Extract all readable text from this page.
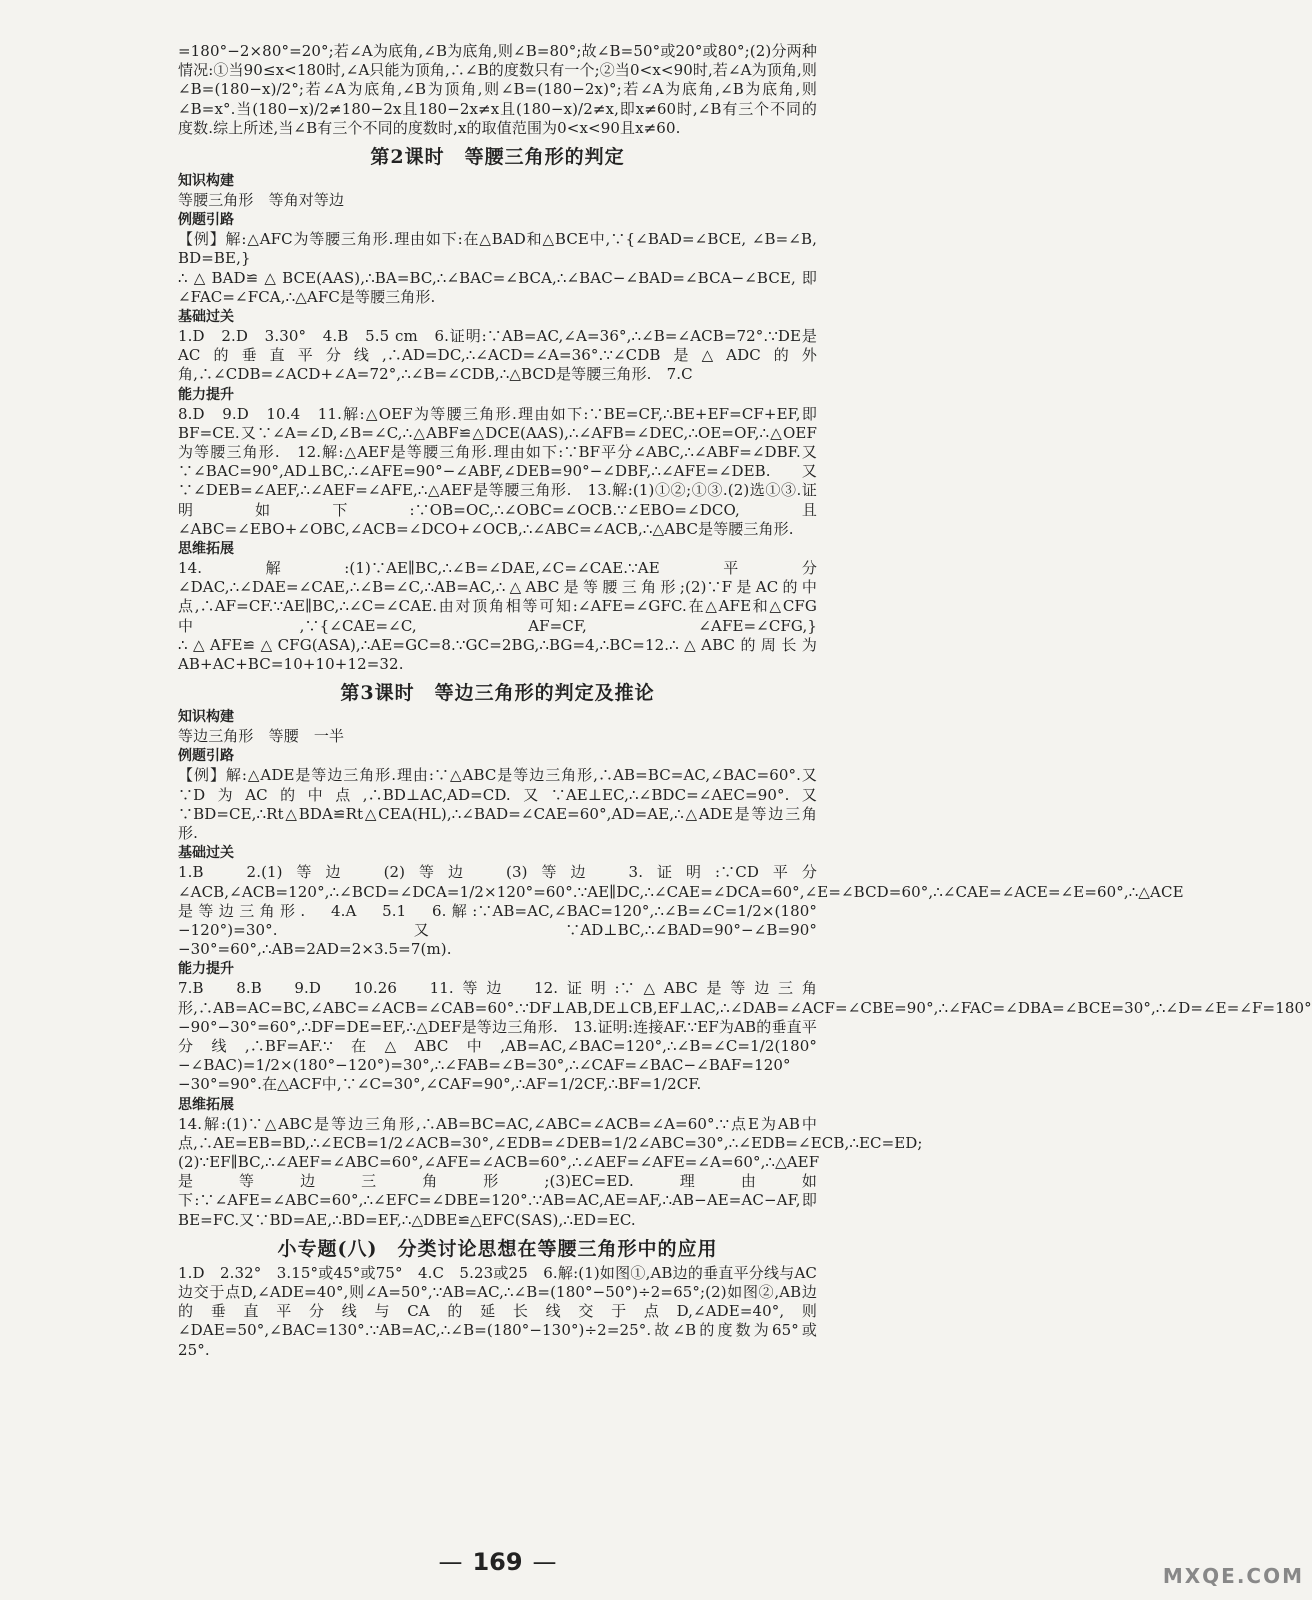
=180°−2×80°=20°;若∠A为底角,∠B为底角,则∠B=80°;故∠B=50°或20°或80°;(2)分两种情况:①当90≤x<180时,∠A只能为顶角,∴∠B的度数只有一个;②当0<x<90时,若∠A为顶角,则∠B=(180−x)/2°;若∠A为底角,∠B为顶角,则∠B=(180−2x)°;若∠A为底角,∠B为底角,则∠B=x°.当(180−x)/2≠180−2x且180−2x≠x且(180−x)/2≠x,即x≠60时,∠B有三个不同的度数.综上所述,当∠B有三个不同的度数时,x的取值范围为0<x<90且x≠60.

第2课时　等腰三角形的判定
知识构建

等腰三角形　等角对等边

例题引路

【例】解:△AFC为等腰三角形.理由如下:在△BAD和△BCE中,∵{∠BAD=∠BCE, ∠B=∠B, BD=BE,} ∴△BAD≌△BCE(AAS),∴BA=BC,∴∠BAC=∠BCA,∴∠BAC−∠BAD=∠BCA−∠BCE,即∠FAC=∠FCA,∴△AFC是等腰三角形.

基础过关

1.D　2.D　3.30°　4.B　5.5 cm　6.证明:∵AB=AC,∠A=36°,∴∠B=∠ACB=72°.∵DE是AC的垂直平分线,∴AD=DC,∴∠ACD=∠A=36°.∵∠CDB是△ADC的外角,∴∠CDB=∠ACD+∠A=72°,∴∠B=∠CDB,∴△BCD是等腰三角形.　7.C

能力提升

8.D　9.D　10.4　11.解:△OEF为等腰三角形.理由如下:∵BE=CF,∴BE+EF=CF+EF,即BF=CE.又∵∠A=∠D,∠B=∠C,∴△ABF≌△DCE(AAS),∴∠AFB=∠DEC,∴OE=OF,∴△OEF为等腰三角形.　12.解:△AEF是等腰三角形.理由如下:∵BF平分∠ABC,∴∠ABF=∠DBF.又∵∠BAC=90°,AD⊥BC,∴∠AFE=90°−∠ABF,∠DEB=90°−∠DBF,∴∠AFE=∠DEB.又∵∠DEB=∠AEF,∴∠AEF=∠AFE,∴△AEF是等腰三角形.　13.解:(1)①②;①③.(2)选①③.证明如下:∵OB=OC,∴∠OBC=∠OCB.∵∠EBO=∠DCO,且∠ABC=∠EBO+∠OBC,∠ACB=∠DCO+∠OCB,∴∠ABC=∠ACB,∴△ABC是等腰三角形.

思维拓展

14.解:(1)∵AE∥BC,∴∠B=∠DAE,∠C=∠CAE.∵AE平分∠DAC,∴∠DAE=∠CAE,∴∠B=∠C,∴AB=AC,∴△ABC是等腰三角形;(2)∵F是AC的中点,∴AF=CF.∵AE∥BC,∴∠C=∠CAE.由对顶角相等可知:∠AFE=∠GFC.在△AFE和△CFG中,∵{∠CAE=∠C, AF=CF, ∠AFE=∠CFG,} ∴△AFE≌△CFG(ASA),∴AE=GC=8.∵GC=2BG,∴BG=4,∴BC=12.∴△ABC的周长为AB+AC+BC=10+10+12=32.

第3课时　等边三角形的判定及推论
知识构建

等边三角形　等腰　一半

例题引路

【例】解:△ADE是等边三角形.理由:∵△ABC是等边三角形,∴AB=BC=AC,∠BAC=60°.又∵D为AC的中点,∴BD⊥AC,AD=CD.又∵AE⊥EC,∴∠BDC=∠AEC=90°.又∵BD=CE,∴Rt△BDA≌Rt△CEA(HL),∴∠BAD=∠CAE=60°,AD=AE,∴△ADE是等边三角形.

基础过关

1.B　2.(1)等边　(2)等边　(3)等边　3.证明:∵CD平分∠ACB,∠ACB=120°,∴∠BCD=∠DCA=1/2×120°=60°.∵AE∥DC,∴∠CAE=∠DCA=60°,∠E=∠BCD=60°,∴∠CAE=∠ACE=∠E=60°,∴△ACE是等边三角形.　4.A　5.1　6.解:∵AB=AC,∠BAC=120°,∴∠B=∠C=1/2×(180°−120°)=30°.又∵AD⊥BC,∴∠BAD=90°−∠B=90°−30°=60°,∴AB=2AD=2×3.5=7(m).

能力提升

7.B　8.B　9.D　10.26　11.等边　12.证明:∵△ABC是等边三角形,∴AB=AC=BC,∠ABC=∠ACB=∠CAB=60°.∵DF⊥AB,DE⊥CB,EF⊥AC,∴∠DAB=∠ACF=∠CBE=90°,∴∠FAC=∠DBA=∠BCE=30°,∴∠D=∠E=∠F=180°−90°−30°=60°,∴DF=DE=EF,∴△DEF是等边三角形.　13.证明:连接AF.∵EF为AB的垂直平分线,∴BF=AF.∵在△ABC中,AB=AC,∠BAC=120°,∴∠B=∠C=1/2(180°−∠BAC)=1/2×(180°−120°)=30°,∴∠FAB=∠B=30°,∴∠CAF=∠BAC−∠BAF=120°−30°=90°.在△ACF中,∵∠C=30°,∠CAF=90°,∴AF=1/2CF,∴BF=1/2CF.

思维拓展

14.解:(1)∵△ABC是等边三角形,∴AB=BC=AC,∠ABC=∠ACB=∠A=60°.∵点E为AB中点,∴AE=EB=BD,∴∠ECB=1/2∠ACB=30°,∠EDB=∠DEB=1/2∠ABC=30°,∴∠EDB=∠ECB,∴EC=ED;(2)∵EF∥BC,∴∠AEF=∠ABC=60°,∠AFE=∠ACB=60°,∴∠AEF=∠AFE=∠A=60°,∴△AEF是等边三角形;(3)EC=ED.理由如下:∵∠AFE=∠ABC=60°,∴∠EFC=∠DBE=120°.∵AB=AC,AE=AF,∴AB−AE=AC−AF,即BE=FC.又∵BD=AE,∴BD=EF,∴△DBE≌△EFC(SAS),∴ED=EC.

小专题(八)　分类讨论思想在等腰三角形中的应用

1.D　2.32°　3.15°或45°或75°　4.C　5.23或25　6.解:(1)如图①,AB边的垂直平分线与AC边交于点D,∠ADE=40°,则∠A=50°,∵AB=AC,∴∠B=(180°−50°)÷2=65°;(2)如图②,AB边的垂直平分线与CA的延长线交于点D,∠ADE=40°,则∠DAE=50°,∠BAC=130°.∵AB=AC,∴∠B=(180°−130°)÷2=25°.故∠B的度数为65°或25°.

— 169 —	MXQE.COM
